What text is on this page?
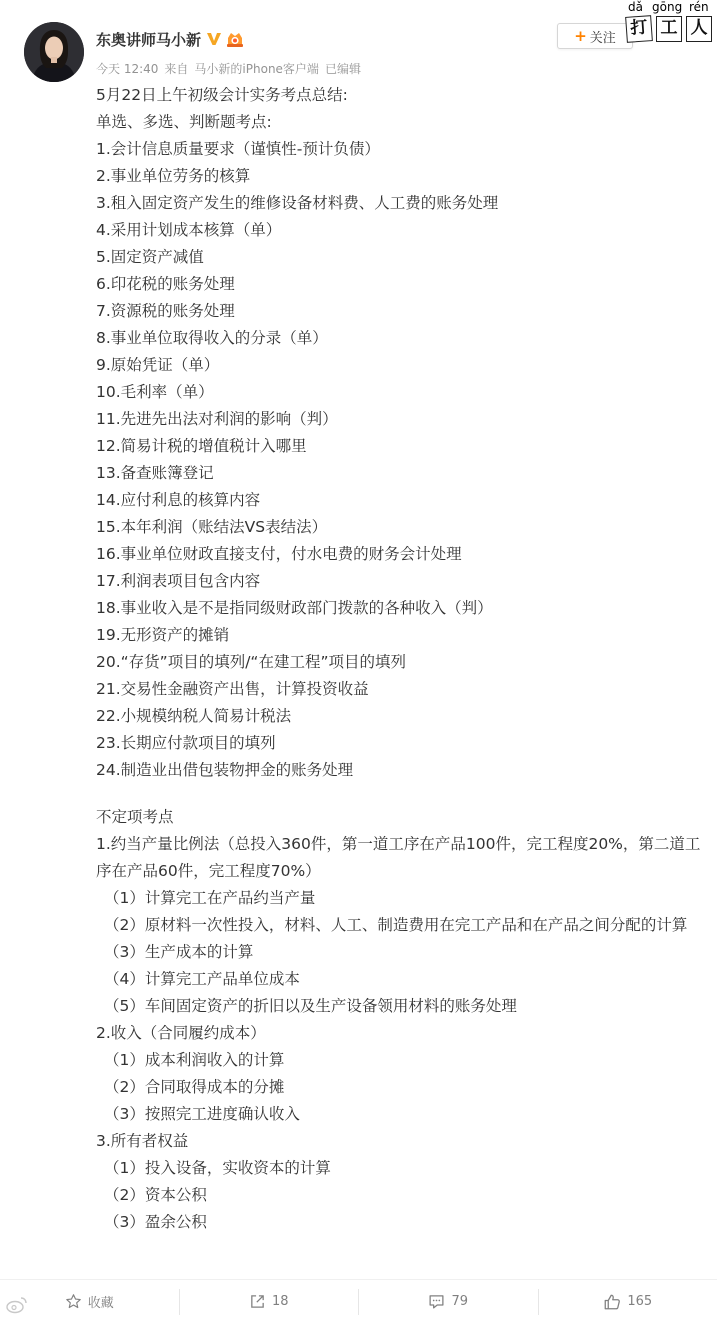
东奥讲师马小新
今天 12:40 来自 马小新的iPhone客户端 已编辑
+ 关注
dǎ gōng rén
打 工 人
5月22日上午初级会计实务考点总结:
单选、多选、判断题考点:
1.会计信息质量要求（谨慎性-预计负债）
2.事业单位劳务的核算
3.租入固定资产发生的维修设备材料费、人工费的账务处理
4.采用计划成本核算（单）
5.固定资产减值
6.印花税的账务处理
7.资源税的账务处理
8.事业单位取得收入的分录（单）
9.原始凭证（单）
10.毛利率（单）
11.先进先出法对利润的影响（判）
12.简易计税的增值税计入哪里
13.备查账簿登记
14.应付利息的核算内容
15.本年利润（账结法VS表结法）
16.事业单位财政直接支付，付水电费的财务会计处理
17.利润表项目包含内容
18.事业收入是不是指同级财政部门拨款的各种收入（判）
19.无形资产的摊销
20.“存货”项目的填列/“在建工程”项目的填列
21.交易性金融资产出售，计算投资收益
22.小规模纳税人简易计税法
23.长期应付款项目的填列
24.制造业出借包装物押金的账务处理
不定项考点
1.约当产量比例法（总投入360件，第一道工序在产品100件，完工程度20%，第二道工序在产品60件，完工程度70%）
（1）计算完工在产品约当产量
（2）原材料一次性投入，材料、人工、制造费用在完工产品和在产品之间分配的计算
（3）生产成本的计算
（4）计算完工产品单位成本
（5）车间固定资产的折旧以及生产设备领用材料的账务处理
2.收入（合同履约成本）
（1）成本利润收入的计算
（2）合同取得成本的分摊
（3）按照完工进度确认收入
3.所有者权益
（1）投入设备，实收资本的计算
（2）资本公积
（3）盈余公积
收藏	18	79	165
